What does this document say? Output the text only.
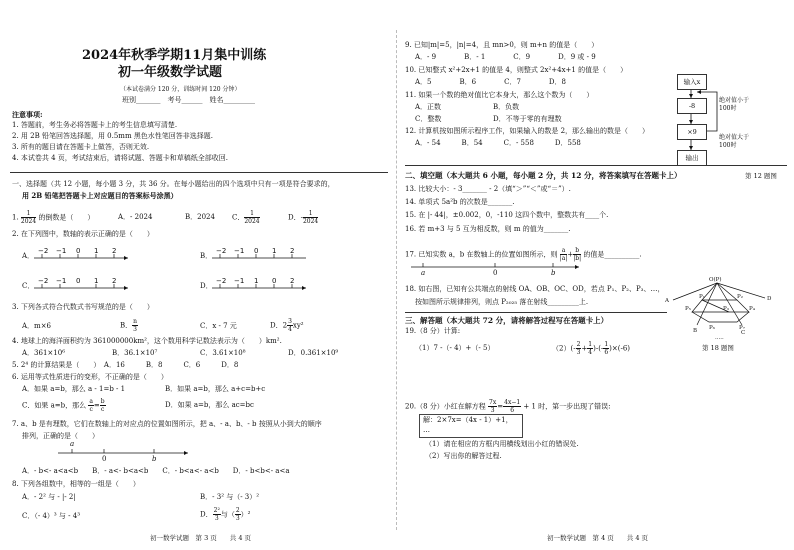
2024年秋季学期11月集中训练
初一年级数学试题
（本试卷满分 120 分，训练时间 120 分钟）
班别_______　考号______　姓名_________
注意事项:
1. 答题前，考生务必将答题卡上的考生信息填写清楚.
2. 用 2B 铅笔回答选择题，用 0.5mm 黑色水性笔回答非选择题.
3. 所有的题目请在答题卡上做答，否则无效.
4. 本试卷共 4 页，考试结束后，请将试题、答题卡和草稿纸全部收回.
一、选择题（共 12 小题，每小题 3 分，共 36 分。在每小题给出的四个选项中只有一项是符合要求的，
用 2B 铅笔把答题卡上对应题目的答案标号涂黑）
1. $\frac{1}{2024}$ 的倒数是（　　）	A．- 2024	B．2024 C． $\frac{1}{2024}$	D．- $\frac{1}{2024}$
2. 在下列图中，数轴的表示正确的是（　　）
A．	B．
C．	D．
−2 −1 0 1 2	−2 −1 0 1 2
−2 −1 0 1 2	−2 −1 1 0 2
3. 下列各式符合代数式书写规范的是（　　）
A．m×6	B． $\frac{n}{3}$	C．x - 7 元	D．$2 \frac{3}{4} xy^2$
4. 地球上的海洋面积约为 361000000km²，这个数用科学记数法表示为（　　）km².
A．361×10⁶	B．36.1×10⁷	C．3.61×10⁸	D．0.361×10⁹
5. 2⁴ 的计算结果是（　　）　A．16　　　B．8　　　C．6　　　D．8
6. 运用等式性质进行的变形，不正确的是（　　）
A．如果 a=b，那么 a - 1=b - 1	B．如果 a=b，那么 a+c=b+c
C．如果 a=b，那么 $\frac{a}{c} = \frac{b}{c}$	D．如果 a=b，那么 ac=bc
7. a、b 是有理数，它们在数轴上的对应点的位置如图所示，把 a、- a、b、- b 按照从小到大的顺序
排列，正确的是（　　）
a
0	b
A．- b<- a<a<b　　B．- a<- b<a<b　　C．- b<a<- a<b　　D．- b<b<- a<a
8. 下列各组数中，相等的一组是（　　）
A．- 2² 与 - |- 2|	B．- 3² 与（- 3）²
C．（- 4）³ 与 - 4³	D． $\frac{\text{2²}}{3}$ 与（ $\frac{2}{3} )^2$
初一数学试题　第 3 页　　共 4 页
9. 已知|m|=5，|n|=4，且 mn>0，则 m+n 的值是（　　）
A．- 9　　　　B．- 1　　　　C．9　　　　D．9 或 - 9
10. 已知整式 x²+2x+1 的值是 4，则整式 2x²+4x+1 的值是（　　）
A．5　　　　B．6　　　　C．7　　　　D．8
11. 如果一个数的绝对值比它本身大，那么这个数为（　　）
A．正数	B．负数
C．整数	D．不等于零的有理数
12. 计算机按如图所示程序工作，如果输入的数是 2，那么输出的数是（　　）
A．- 54　　　B．54　　　C．- 558　　　D．558
输入x
-8
×9
输出
绝对值小于100时
绝对值大于100时
二、填空题（本大题共 6 小题，每小题 2 分，共 12 分，将答案填写在答题卡上）	第 12 题图
13. 比较大小：- 3_______ - 2（填“＞”“＜”或“＝”）.
14. 单项式 5a²b 的次数是_______.
15. 在 |- 44|，±0.002，0，-110 这四个数中，整数共有____个.
16. 若 m+3 与 5 互为相反数，则 m 的值为_______.
17. 已知实数 a，b 在数轴上的位置如图所示，则 $\frac{a}{|a|} + \frac{b}{|b|}$ 的值是__________.
a	0	b
18. 如右图，已知有公共端点的射线 OA、OB、OC、OD，若点 P₁、P₂、P₃、…，
按如图所示规律排列，则点 P₂₀₂₅ 落在射线_________上.
O(P)
P₁	P₂
P₃	P₄
P₅
P₆	P₇
A
B	C
D
.....
三、解答题（本大题共 72 分，请将解答过程写在答题卡上）
19.（8 分）计算:
（1）7 -（- 4）+（- 5）	$(2)(- \frac{2}{3} + \frac{1}{4}$ )-(- $\frac{1}{6} )\times(-6)$	第 18 题图
20.（8 分）小红在解方程 $\frac{7x}{3} = \frac{4x-1}{6} + 1$ 时，第一步出现了错误:
解：2×7x=（4x - 1）+1，
…
（1）请在相应的方框内用横线划出小红的错误处.
（2）写出你的解答过程.
初一数学试题　第 4 页　　共 4 页
